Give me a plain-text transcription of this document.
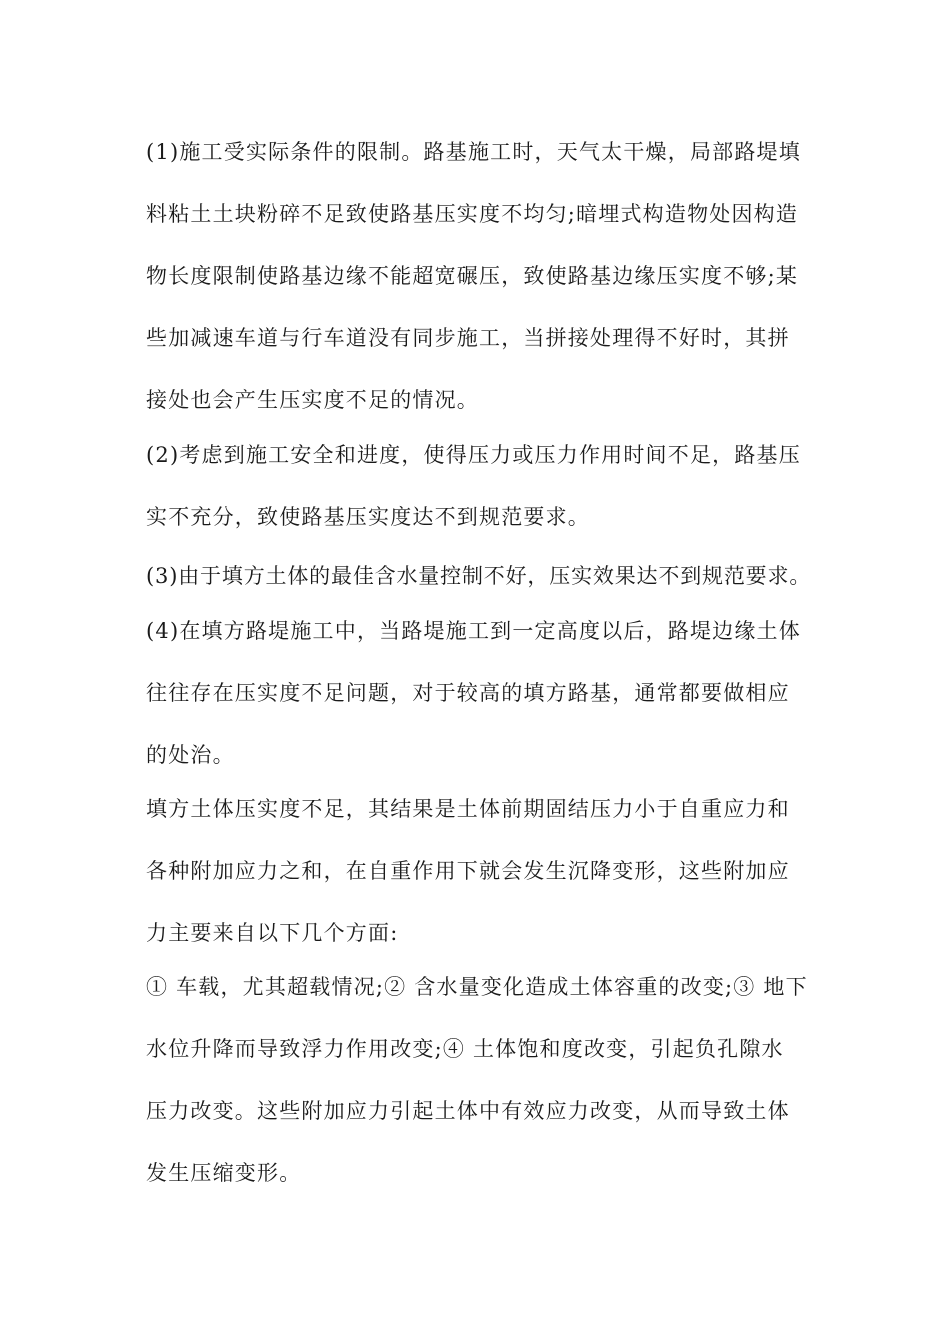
(1)施工受实际条件的限制。路基施工时，天气太干燥，局部路堤填
料粘土土块粉碎不足致使路基压实度不均匀;暗埋式构造物处因构造
物长度限制使路基边缘不能超宽碾压，致使路基边缘压实度不够;某
些加减速车道与行车道没有同步施工，当拼接处理得不好时，其拼
接处也会产生压实度不足的情况。
(2)考虑到施工安全和进度，使得压力或压力作用时间不足，路基压
实不充分，致使路基压实度达不到规范要求。
(3)由于填方土体的最佳含水量控制不好，压实效果达不到规范要求。
(4)在填方路堤施工中，当路堤施工到一定高度以后，路堤边缘土体
往往存在压实度不足问题，对于较高的填方路基，通常都要做相应
的处治。
填方土体压实度不足，其结果是土体前期固结压力小于自重应力和
各种附加应力之和，在自重作用下就会发生沉降变形，这些附加应
力主要来自以下几个方面:
① 车载，尤其超载情况;② 含水量变化造成土体容重的改变;③ 地下
水位升降而导致浮力作用改变;④ 土体饱和度改变，引起负孔隙水
压力改变。这些附加应力引起土体中有效应力改变，从而导致土体
发生压缩变形。
